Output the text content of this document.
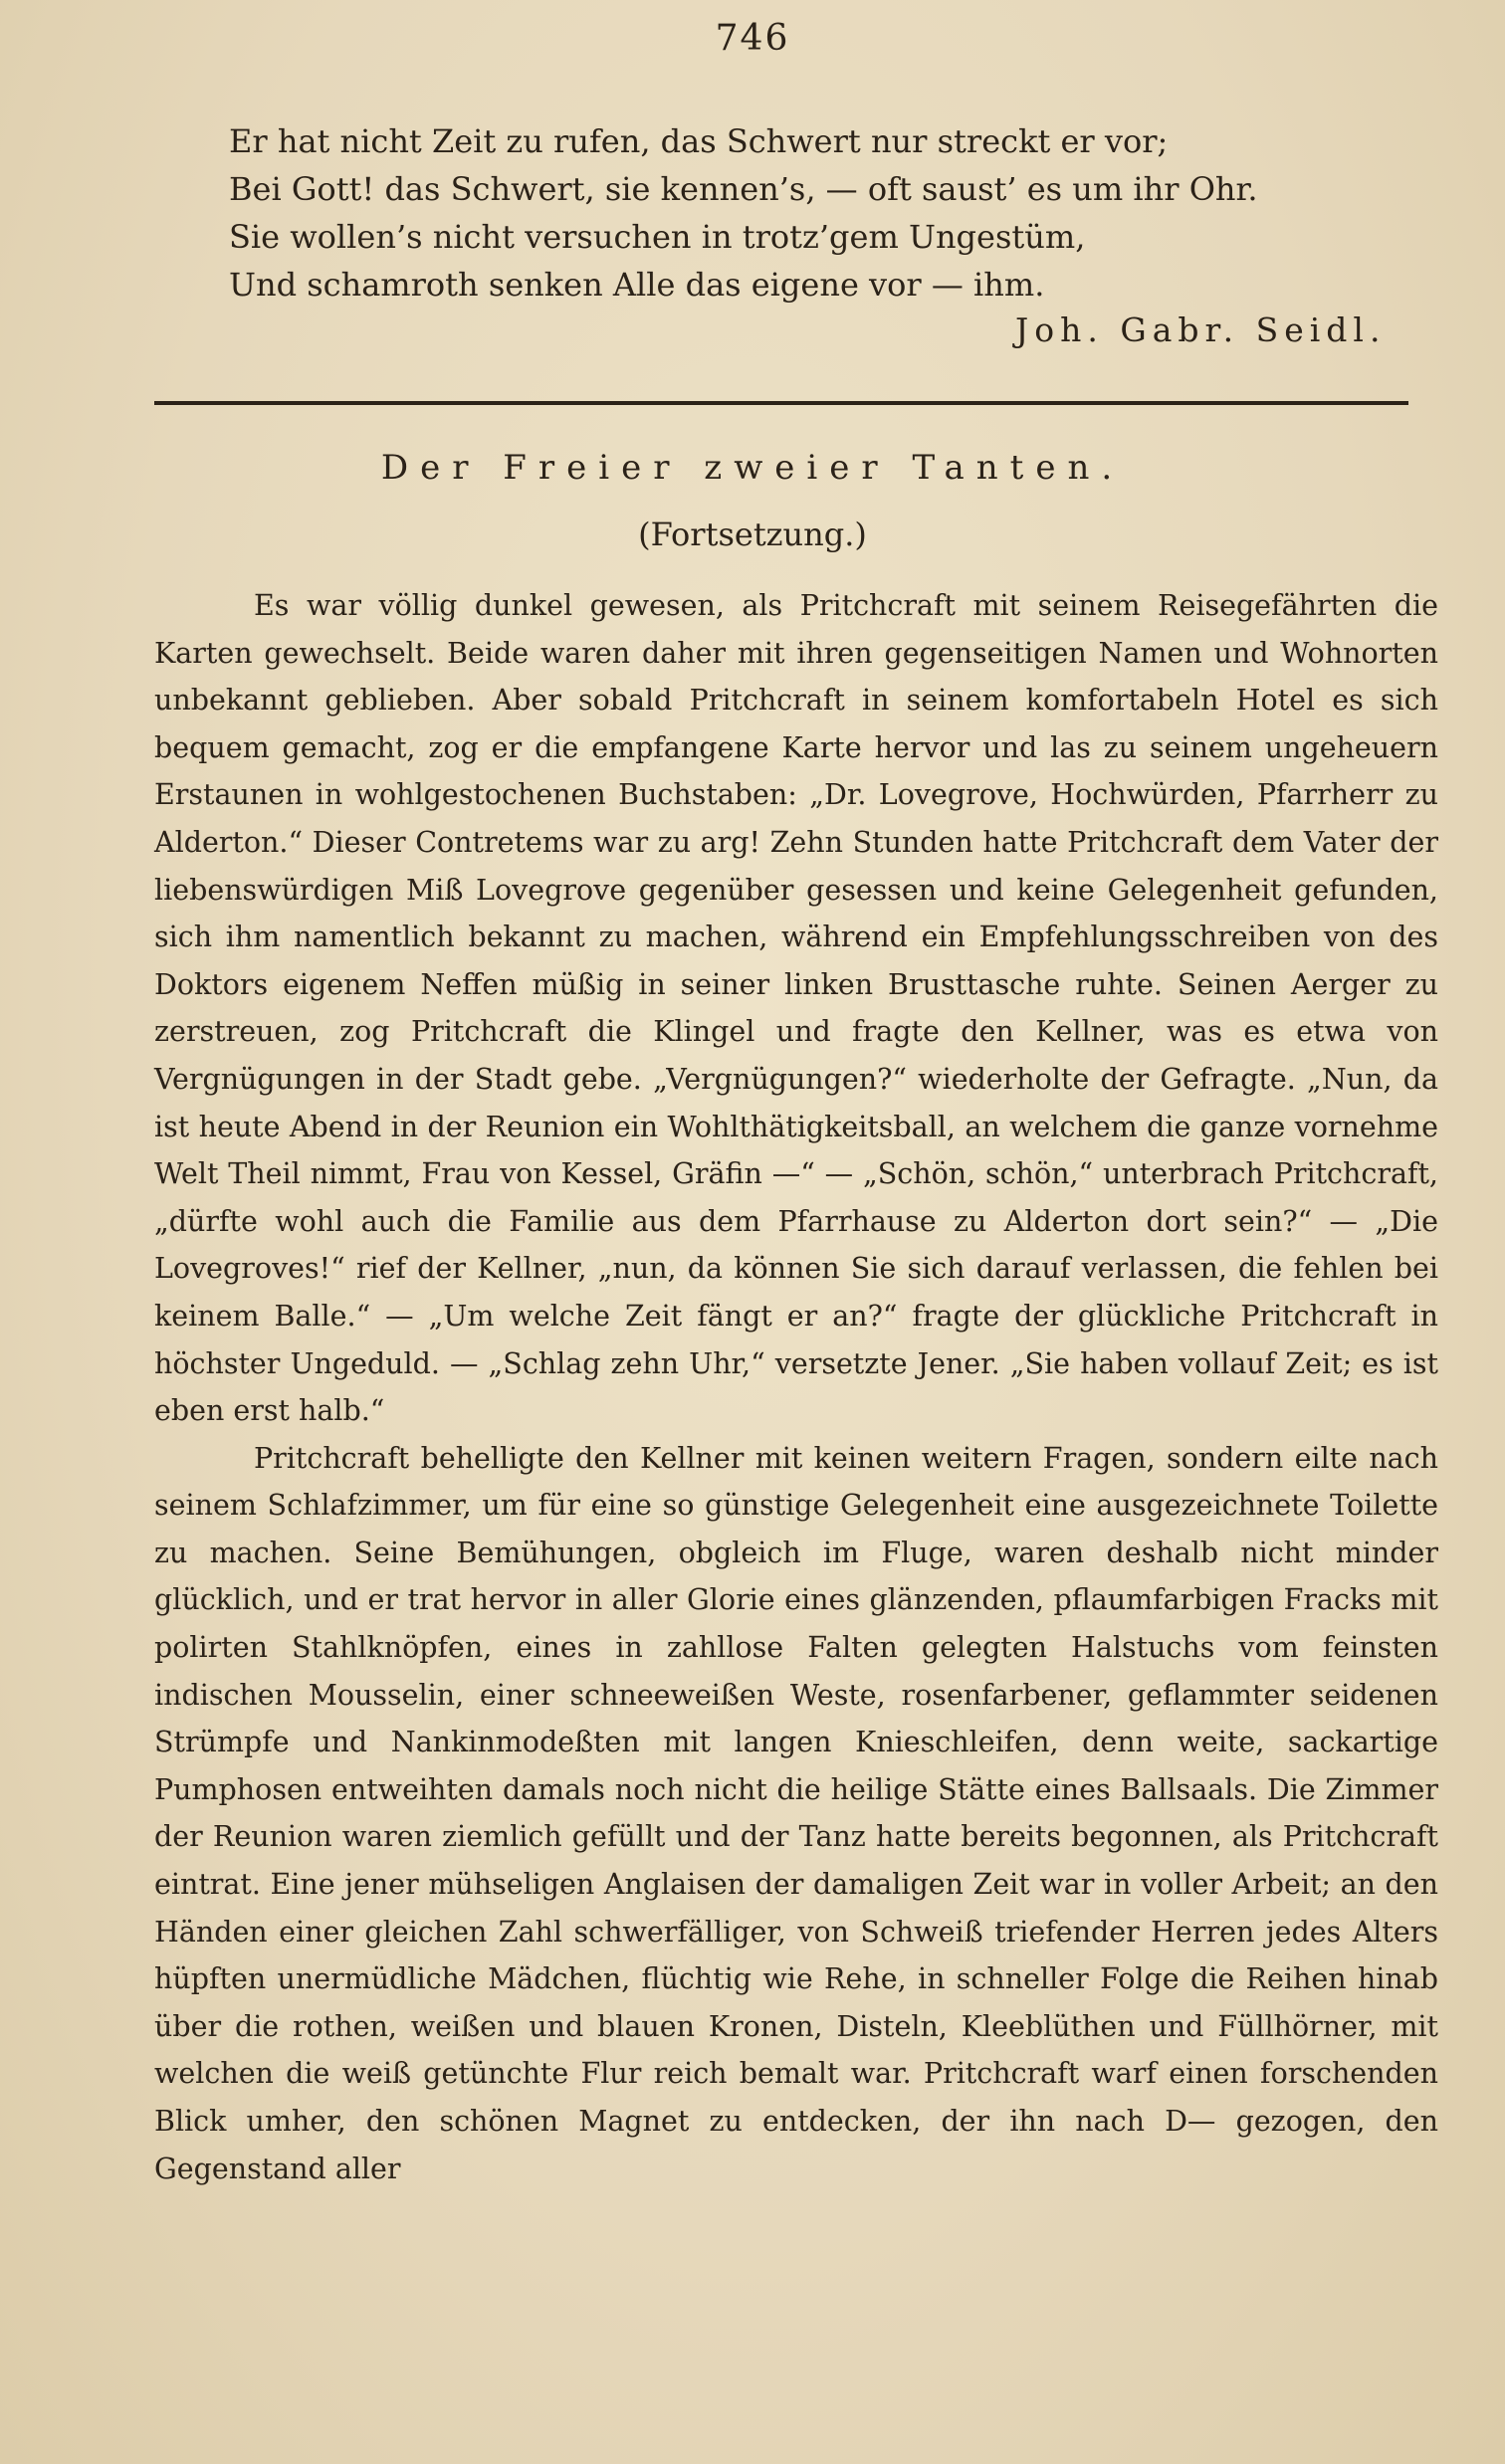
746
Er hat nicht Zeit zu rufen, das Schwert nur streckt er vor;
Bei Gott! das Schwert, sie kennen’s, — oft saust’ es um ihr Ohr.
Sie wollen’s nicht versuchen in trotz’gem Ungestüm,
Und schamroth senken Alle das eigene vor — ihm.
Joh. Gabr. Seidl.
Der Freier zweier Tanten.
(Fortsetzung.)

Es war völlig dunkel gewesen, als Pritchcraft mit seinem Reisegefährten die Karten gewechselt. Beide waren daher mit ihren gegenseitigen Namen und Wohnorten unbekannt geblieben. Aber sobald Pritchcraft in seinem komfortabeln Hotel es sich bequem gemacht, zog er die empfangene Karte hervor und las zu seinem ungeheuern Erstaunen in wohlgestochenen Buchstaben: „Dr. Lovegrove, Hochwürden, Pfarrherr zu Alderton.“ Dieser Contretems war zu arg! Zehn Stunden hatte Pritchcraft dem Vater der liebenswürdigen Miß Lovegrove gegenüber gesessen und keine Gelegenheit gefunden, sich ihm namentlich bekannt zu machen, während ein Empfehlungsschreiben von des Doktors eigenem Neffen müßig in seiner linken Brusttasche ruhte. Seinen Aerger zu zerstreuen, zog Pritchcraft die Klingel und fragte den Kellner, was es etwa von Vergnügungen in der Stadt gebe. „Vergnügungen?“ wiederholte der Gefragte. „Nun, da ist heute Abend in der Reunion ein Wohlthätigkeitsball, an welchem die ganze vornehme Welt Theil nimmt, Frau von Kessel, Gräfin —“ — „Schön, schön,“ unterbrach Pritchcraft, „dürfte wohl auch die Familie aus dem Pfarrhause zu Alderton dort sein?“ — „Die Lovegroves!“ rief der Kellner, „nun, da können Sie sich darauf verlassen, die fehlen bei keinem Balle.“ — „Um welche Zeit fängt er an?“ fragte der glückliche Pritchcraft in höchster Ungeduld. — „Schlag zehn Uhr,“ versetzte Jener. „Sie haben vollauf Zeit; es ist eben erst halb.“

Pritchcraft behelligte den Kellner mit keinen weitern Fragen, sondern eilte nach seinem Schlafzimmer, um für eine so günstige Gelegenheit eine ausgezeichnete Toilette zu machen. Seine Bemühungen, obgleich im Fluge, waren deshalb nicht minder glücklich, und er trat hervor in aller Glorie eines glänzenden, pflaumfarbigen Fracks mit polirten Stahlknöpfen, eines in zahllose Falten gelegten Halstuchs vom feinsten indischen Mousselin, einer schneeweißen Weste, rosenfarbener, geflammter seidenen Strümpfe und Nankinmodeßten mit langen Knieschleifen, denn weite, sackartige Pumphosen entweihten damals noch nicht die heilige Stätte eines Ballsaals. Die Zimmer der Reunion waren ziemlich gefüllt und der Tanz hatte bereits begonnen, als Pritchcraft eintrat. Eine jener mühseligen Anglaisen der damaligen Zeit war in voller Arbeit; an den Händen einer gleichen Zahl schwerfälliger, von Schweiß triefender Herren jedes Alters hüpften unermüdliche Mädchen, flüchtig wie Rehe, in schneller Folge die Reihen hinab über die rothen, weißen und blauen Kronen, Disteln, Kleeblüthen und Füllhörner, mit welchen die weiß getünchte Flur reich bemalt war. Pritchcraft warf einen forschenden Blick umher, den schönen Magnet zu entdecken, der ihn nach D— gezogen, den Gegenstand aller
